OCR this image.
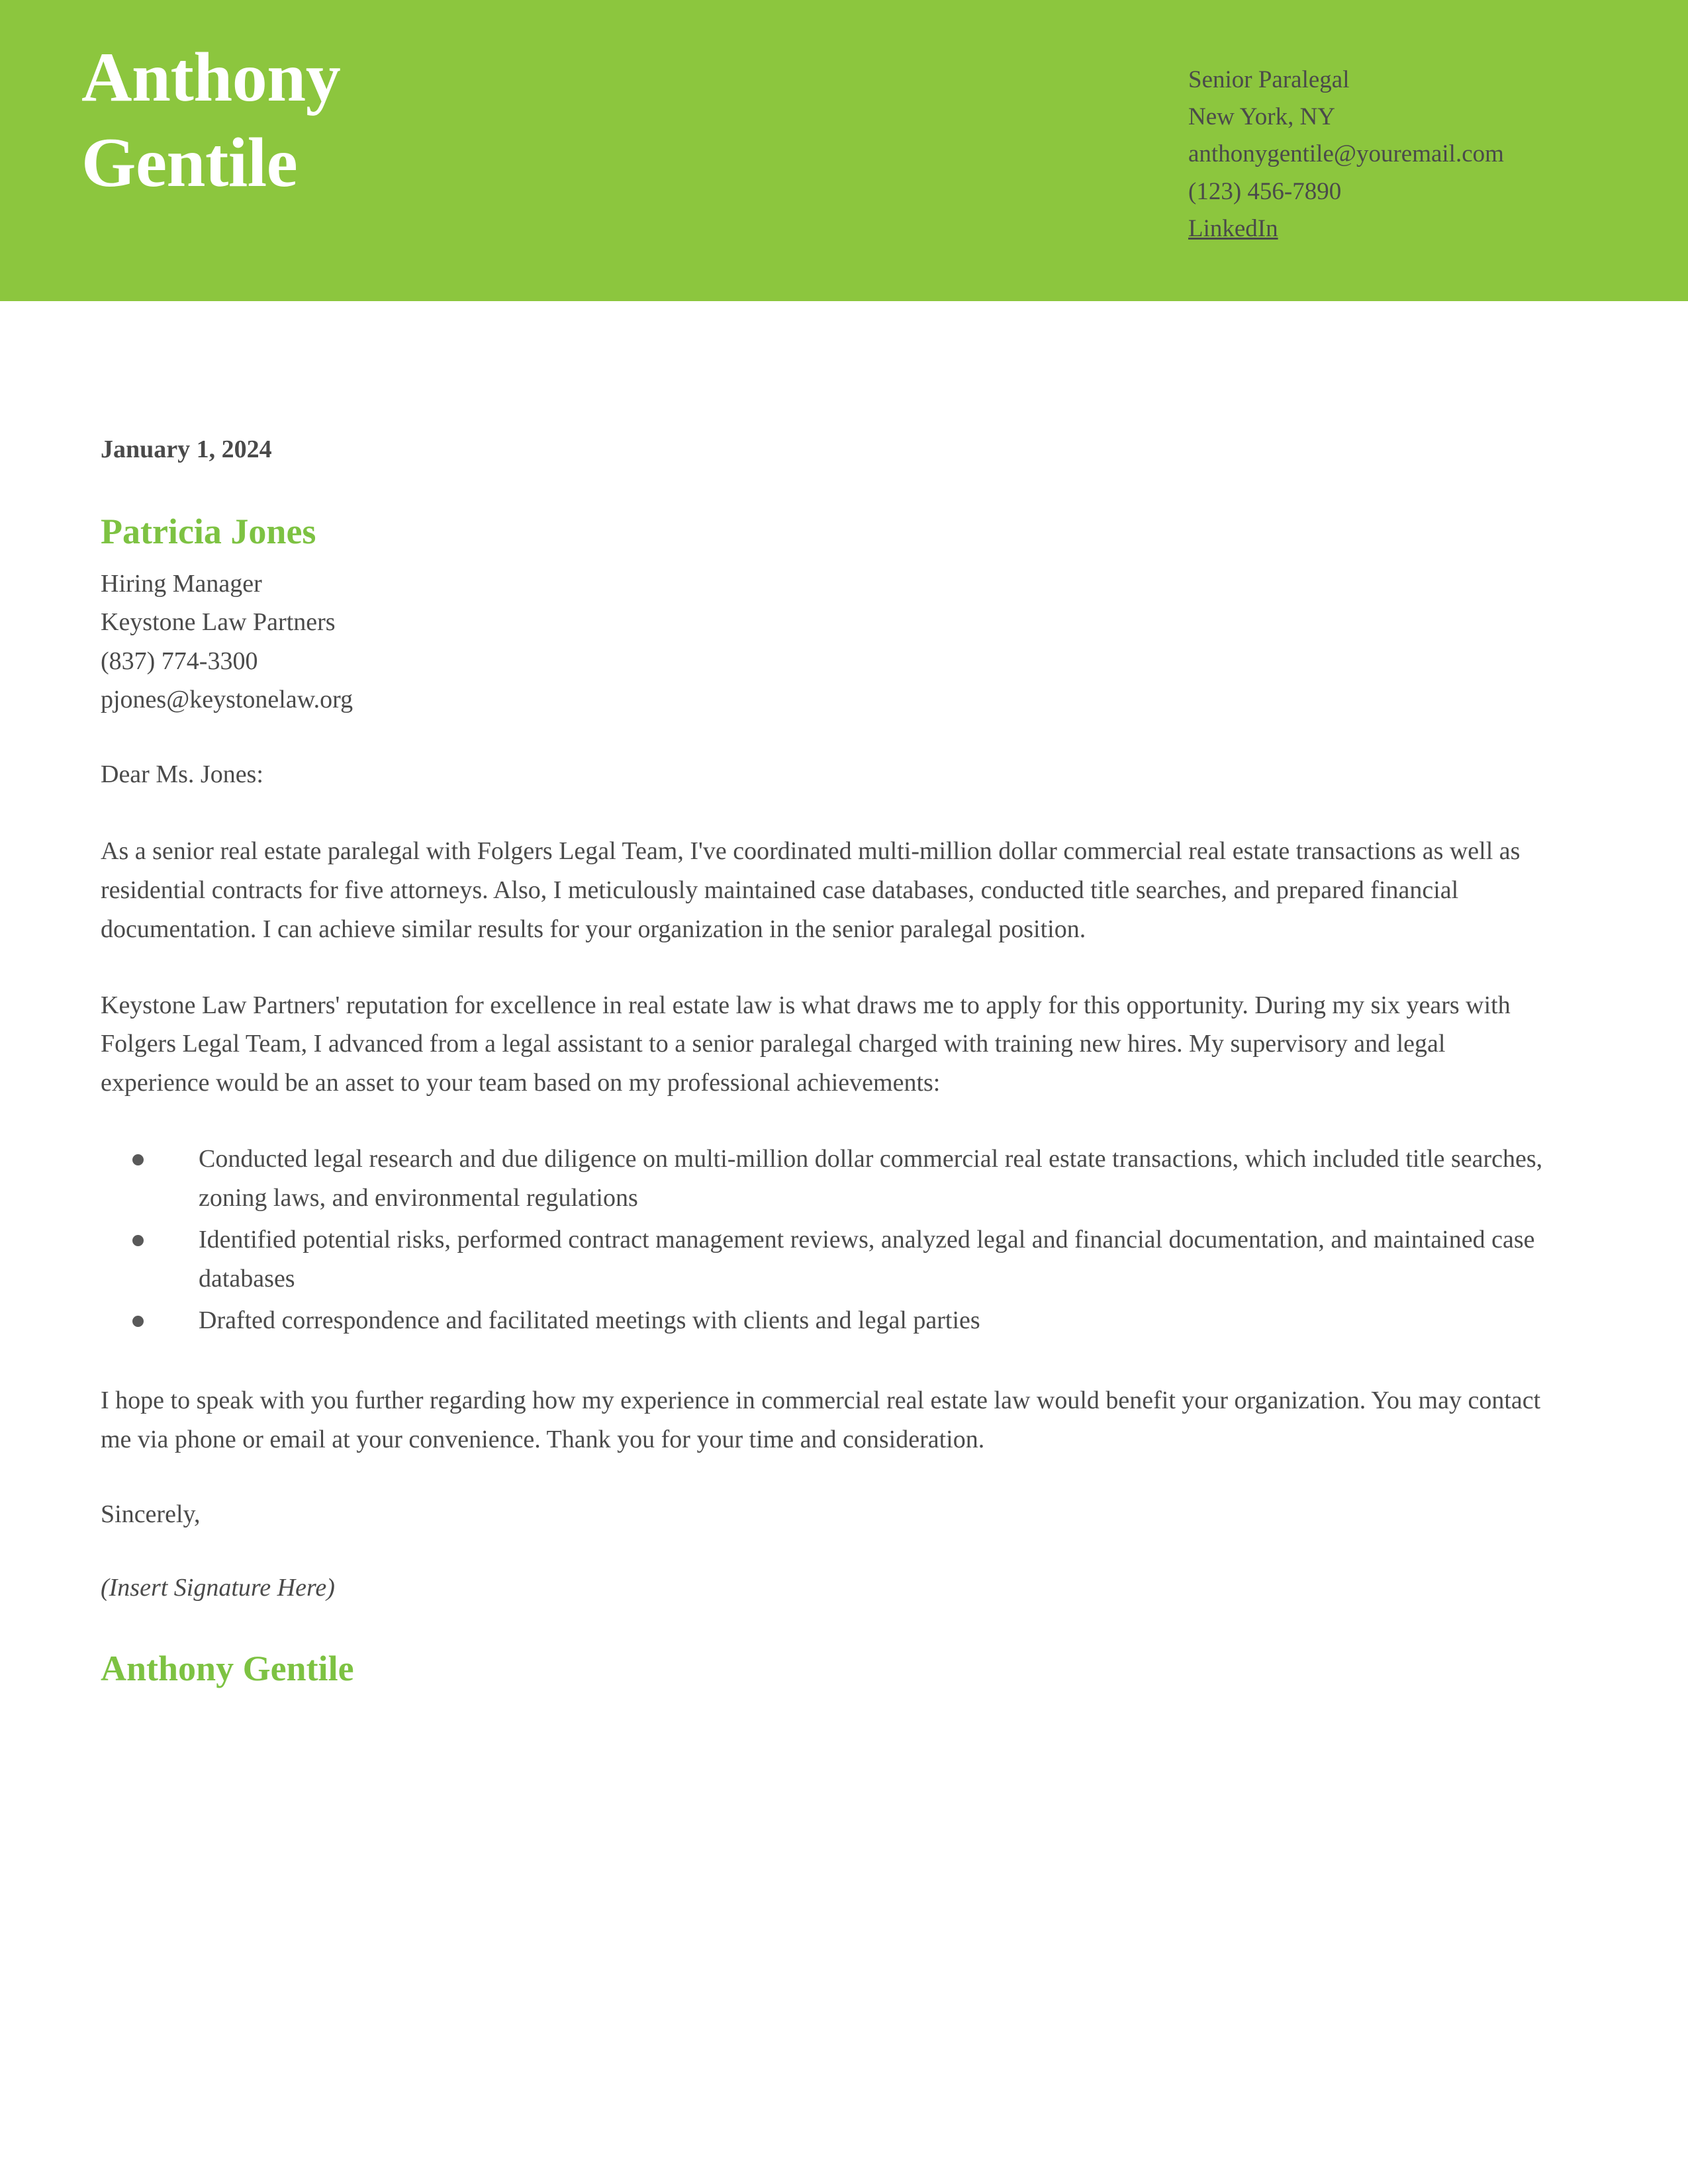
Anthony
Gentile
Senior Paralegal
New York, NY
anthonygentile@youremail.com
(123) 456-7890
LinkedIn
January 1, 2024
Patricia Jones
Hiring Manager
Keystone Law Partners
(837) 774-3300
pjones@keystonelaw.org
Dear Ms. Jones:

As a senior real estate paralegal with Folgers Legal Team, I've coordinated multi-million dollar commercial real estate transactions as well as residential contracts for five attorneys. Also, I meticulously maintained case databases, conducted title searches, and prepared financial documentation. I can achieve similar results for your organization in the senior paralegal position.

Keystone Law Partners' reputation for excellence in real estate law is what draws me to apply for this opportunity. During my six years with Folgers Legal Team, I advanced from a legal assistant to a senior paralegal charged with training new hires. My supervisory and legal experience would be an asset to your team based on my professional achievements:

Conducted legal research and due diligence on multi-million dollar commercial real estate transactions, which included title searches, zoning laws, and environmental regulations
Identified potential risks, performed contract management reviews, analyzed legal and financial documentation, and maintained case databases
Drafted correspondence and facilitated meetings with clients and legal parties

I hope to speak with you further regarding how my experience in commercial real estate law would benefit your organization. You may contact me via phone or email at your convenience. Thank you for your time and consideration.

Sincerely,
(Insert Signature Here)
Anthony Gentile
